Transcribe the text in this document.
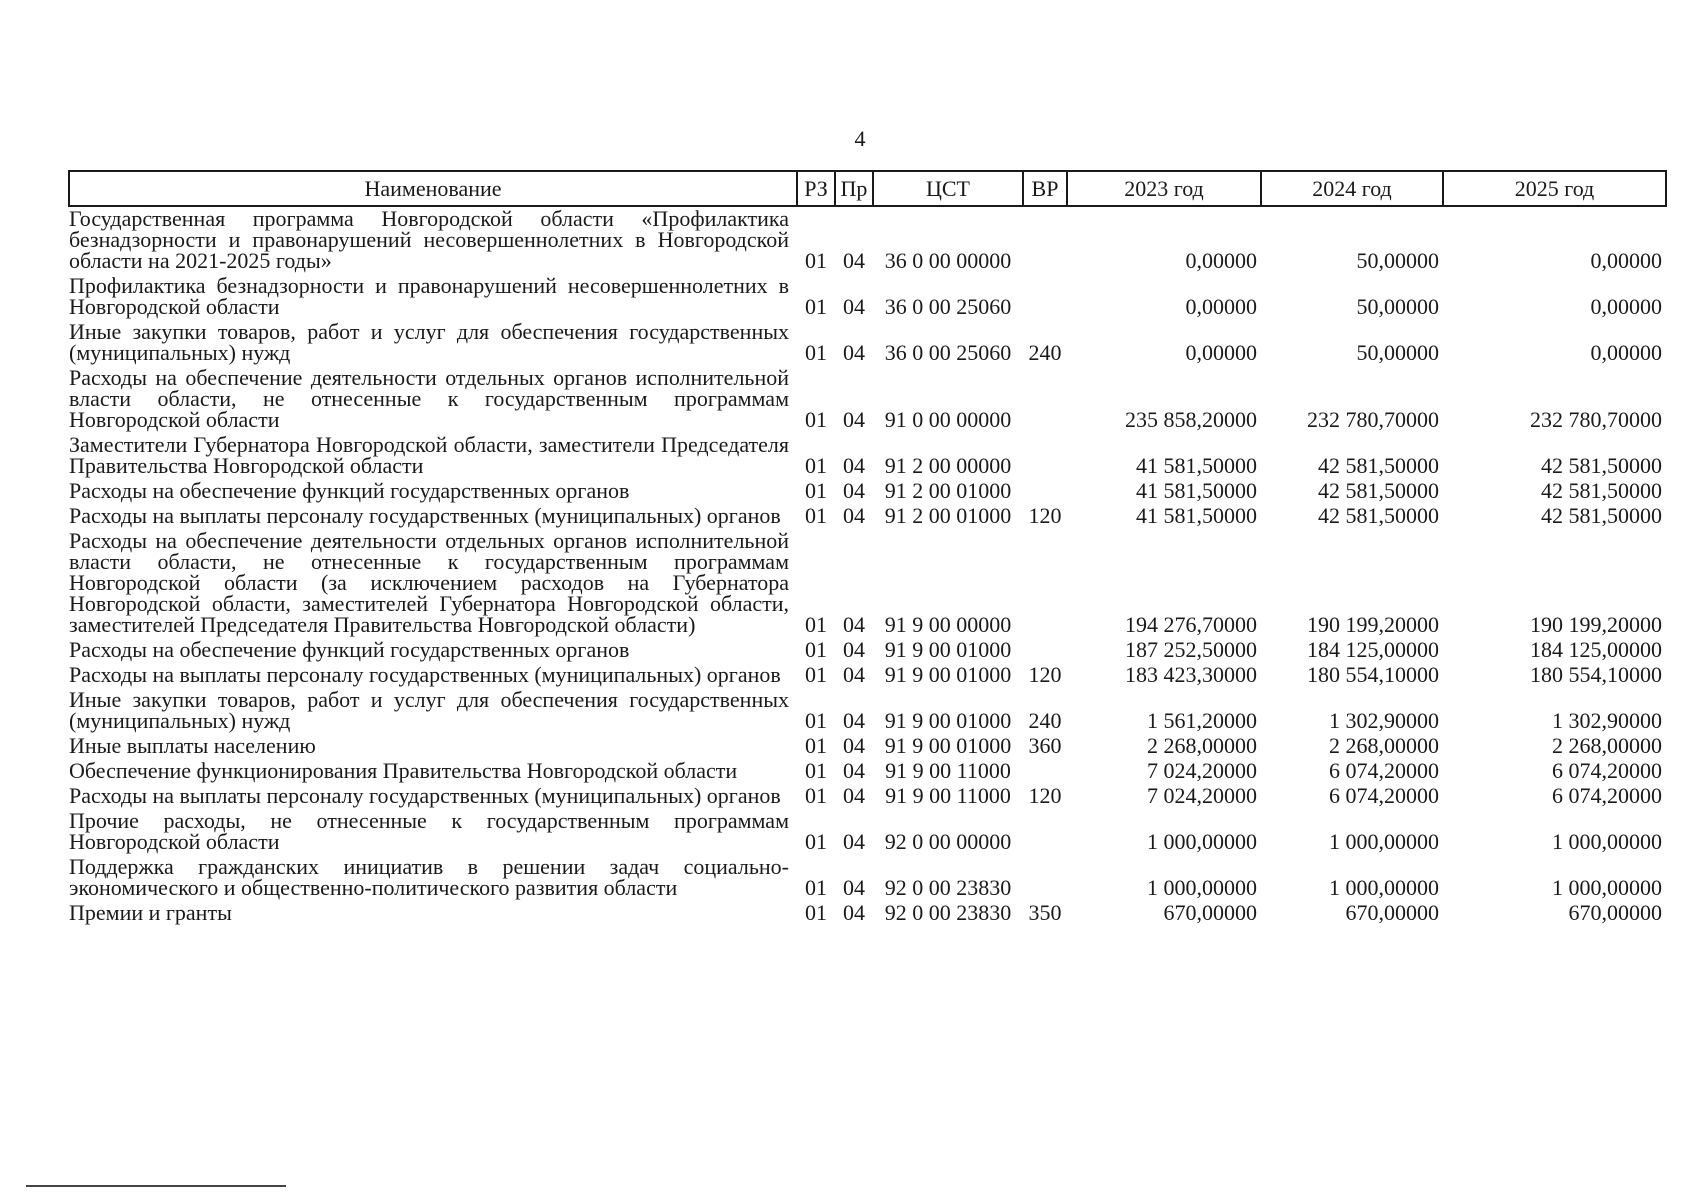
4
Наименование	РЗ	Пр	ЦСТ	ВР	2023 год	2024 год	2025 год
Государственная программа Новгородской области «Профилактика безнадзорности и правонарушений несовершеннолетних в Новгородской области на 2021-2025 годы»	01	04	36 0 00 00000		0,00000	50,00000	0,00000
Профилактика безнадзорности и правонарушений несовершеннолетних в Новгородской области	01	04	36 0 00 25060		0,00000	50,00000	0,00000
Иные закупки товаров, работ и услуг для обеспечения государственных (муниципальных) нужд	01	04	36 0 00 25060	240	0,00000	50,00000	0,00000
Расходы на обеспечение деятельности отдельных органов исполнительной власти области, не отнесенные к государственным программам Новгородской области	01	04	91 0 00 00000		235 858,20000	232 780,70000	232 780,70000
Заместители Губернатора Новгородской области, заместители Председателя Правительства Новгородской области	01	04	91 2 00 00000		41 581,50000	42 581,50000	42 581,50000
Расходы на обеспечение функций государственных органов	01	04	91 2 00 01000		41 581,50000	42 581,50000	42 581,50000
Расходы на выплаты персоналу государственных (муниципальных) органов	01	04	91 2 00 01000	120	41 581,50000	42 581,50000	42 581,50000
Расходы на обеспечение деятельности отдельных органов исполнительной власти области, не отнесенные к государственным программам Новгородской области (за исключением расходов на Губернатора Новгородской области, заместителей Губернатора Новгородской области, заместителей Председателя Правительства Новгородской области)	01	04	91 9 00 00000		194 276,70000	190 199,20000	190 199,20000
Расходы на обеспечение функций государственных органов	01	04	91 9 00 01000		187 252,50000	184 125,00000	184 125,00000
Расходы на выплаты персоналу государственных (муниципальных) органов	01	04	91 9 00 01000	120	183 423,30000	180 554,10000	180 554,10000
Иные закупки товаров, работ и услуг для обеспечения государственных (муниципальных) нужд	01	04	91 9 00 01000	240	1 561,20000	1 302,90000	1 302,90000
Иные выплаты населению	01	04	91 9 00 01000	360	2 268,00000	2 268,00000	2 268,00000
Обеспечение функционирования Правительства Новгородской области	01	04	91 9 00 11000		7 024,20000	6 074,20000	6 074,20000
Расходы на выплаты персоналу государственных (муниципальных) органов	01	04	91 9 00 11000	120	7 024,20000	6 074,20000	6 074,20000
Прочие расходы, не отнесенные к государственным программам Новгородской области	01	04	92 0 00 00000		1 000,00000	1 000,00000	1 000,00000
Поддержка гражданских инициатив в решении задач социально-экономического и общественно-политического развития области	01	04	92 0 00 23830		1 000,00000	1 000,00000	1 000,00000
Премии и гранты	01	04	92 0 00 23830	350	670,00000	670,00000	670,00000
